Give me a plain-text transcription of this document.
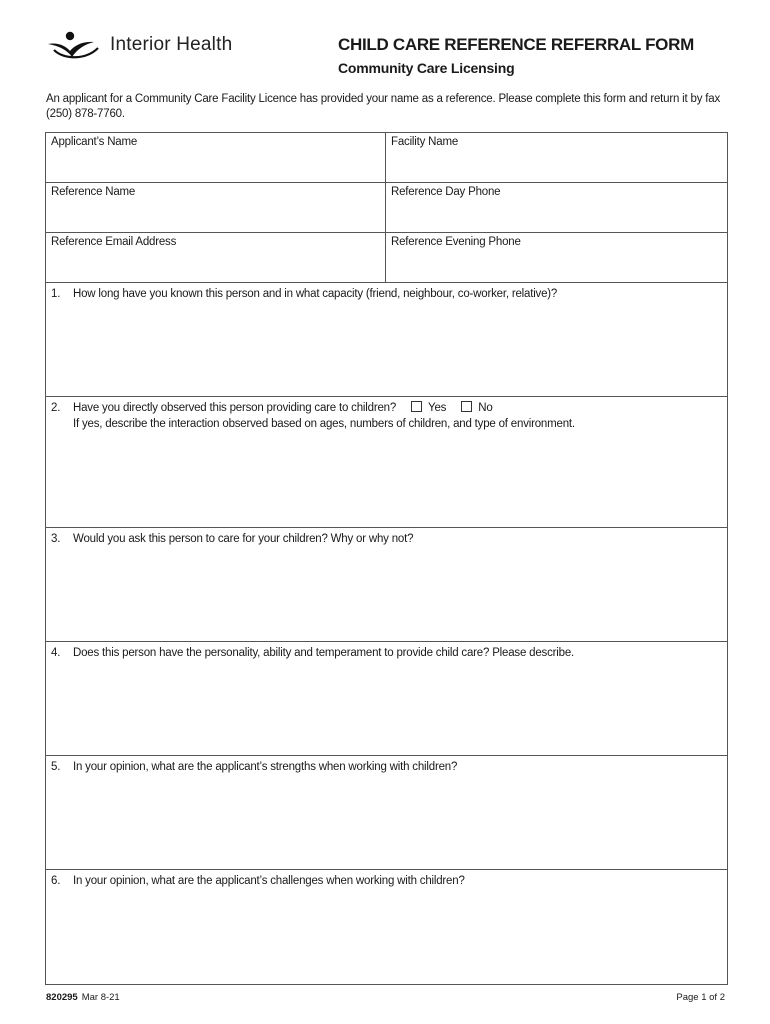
Interior Health	CHILD CARE REFERENCE REFERRAL FORM
Community Care Licensing
An applicant for a Community Care Facility Licence has provided your name as a reference. Please complete this form and return it by fax (250) 878-7760.
Applicant’s Name	Facility Name
Reference Name	Reference Day Phone
Reference Email Address	Reference Evening Phone
1.	How long have you known this person and in what capacity (friend, neighbour, co-worker, relative)?
2.	Have you directly observed this person providing care to children?	Yes	No
If yes, describe the interaction observed based on ages, numbers of children, and type of environment.
3.	Would you ask this person to care for your children? Why or why not?
4.	Does this person have the personality, ability and temperament to provide child care? Please describe.
5.	In your opinion, what are the applicant’s strengths when working with children?
6.	In your opinion, what are the applicant’s challenges when working with children?
820295 Mar 8-21	Page 1 of 2
